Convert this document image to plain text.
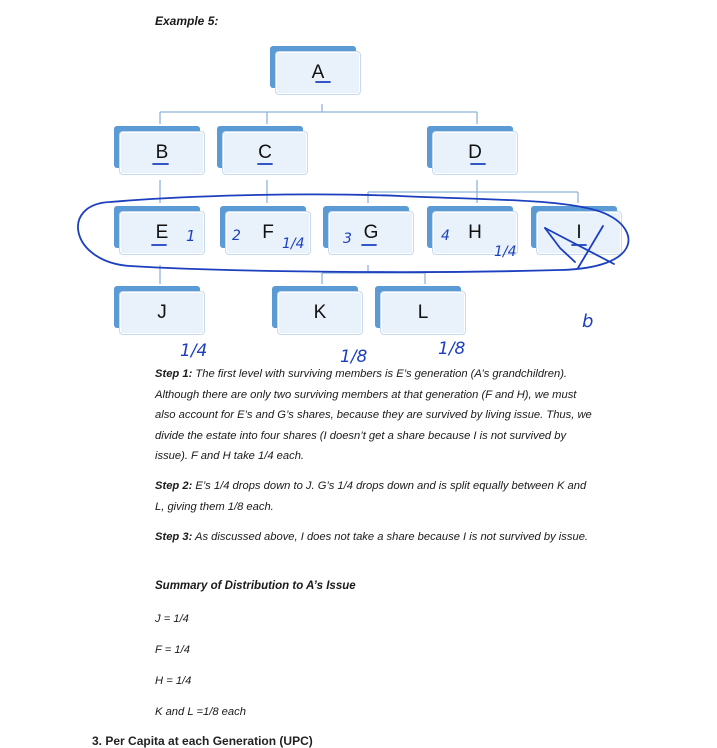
Example 5:
A
B	C	D
E	F	G	H	I
J	K	L
1	2	1/4	3	4
1/4
b
1/4	1/8	1/8
Step 1: The first level with surviving members is E’s generation (A’s grandchildren). Although there are only two surviving members at that generation (F and H), we must also account for E’s and G’s shares, because they are survived by living issue. Thus, we divide the estate into four shares (I doesn’t get a share because I is not survived by issue). F and H take 1/4 each.
Step 2: E’s 1/4 drops down to J. G’s 1/4 drops down and is split equally between K and L, giving them 1/8 each.
Step 3: As discussed above, I does not take a share because I is not survived by issue.
Summary of Distribution to A’s Issue
J = 1/4
F = 1/4
H = 1/4
K and L =1/8 each
3. Per Capita at each Generation (UPC)
